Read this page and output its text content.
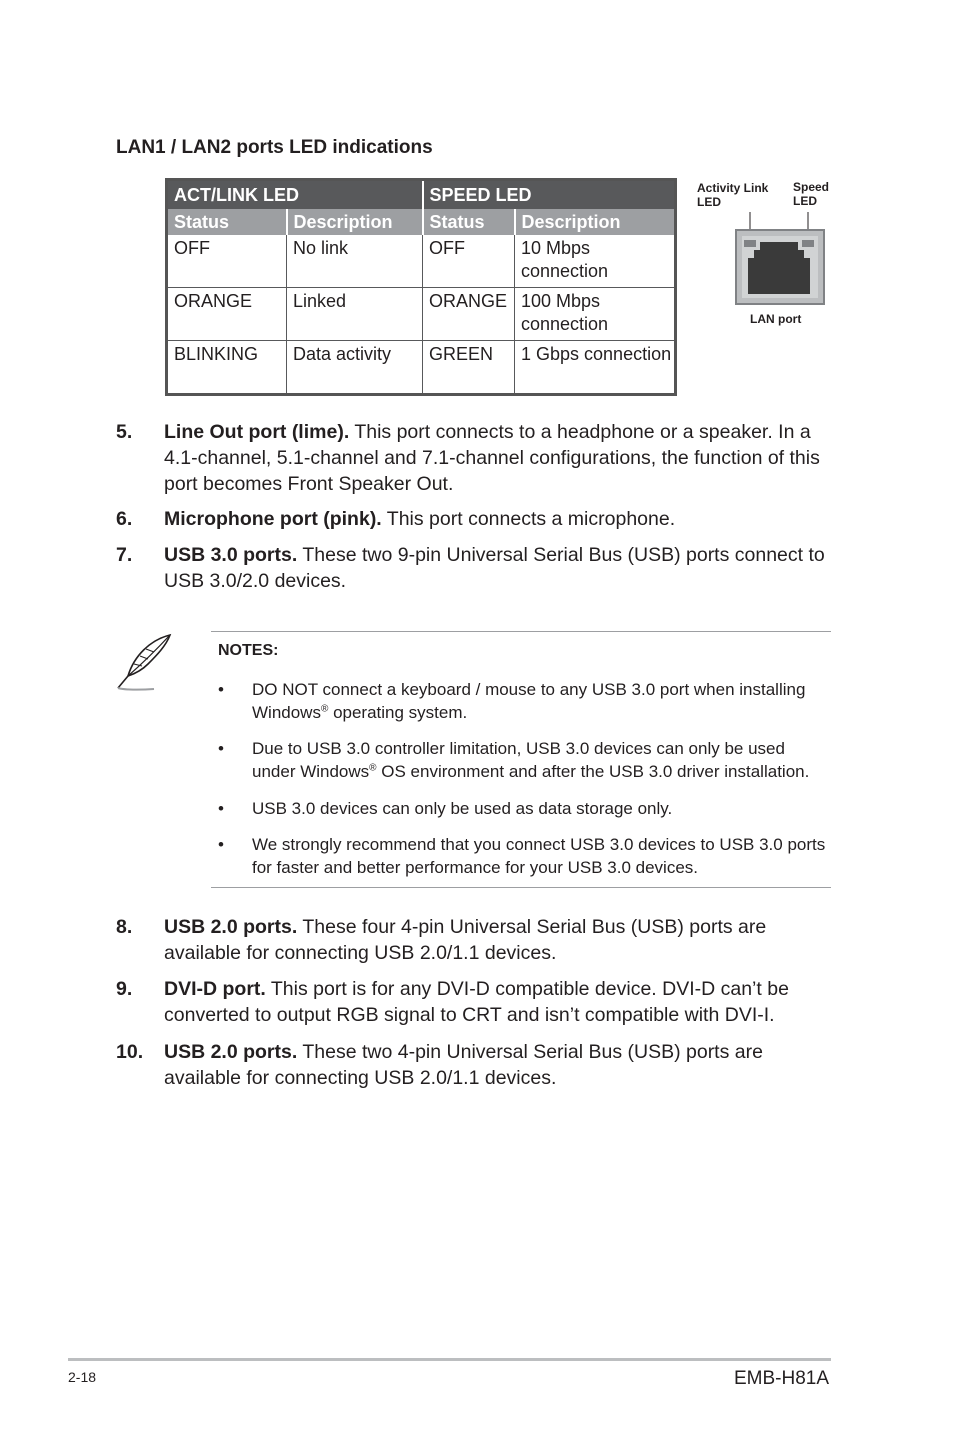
LAN1 / LAN2 ports LED indications
ACT/LINK LED		SPEED LED	
Status	Description	Status	Description
OFF	No link	OFF	10 Mbps connection
ORANGE	Linked	ORANGE	100 Mbps connection
BLINKING	Data activity	GREEN	1 Gbps connection
Activity Link
LED
Speed
LED
LAN port
5. Line Out port (lime). This port connects to a headphone or a speaker. In a 4.1-channel, 5.1-channel and 7.1-channel configurations, the function of this port becomes Front Speaker Out.
6. Microphone port (pink). This port connects a microphone.
7. USB 3.0 ports. These two 9-pin Universal Serial Bus (USB) ports connect to USB 3.0/2.0 devices.
NOTES:
• DO NOT connect a keyboard / mouse to any USB 3.0 port when installing Windows® operating system.
• Due to USB 3.0 controller limitation, USB 3.0 devices can only be used under Windows® OS environment and after the USB 3.0 driver installation.
• USB 3.0 devices can only be used as data storage only.
• We strongly recommend that you connect USB 3.0 devices to USB 3.0 ports for faster and better performance for your USB 3.0 devices.
8. USB 2.0 ports. These four 4-pin Universal Serial Bus (USB) ports are available for connecting USB 2.0/1.1 devices.
9. DVI-D port. This port is for any DVI-D compatible device. DVI-D can’t be converted to output RGB signal to CRT and isn’t compatible with DVI-I.
10. USB 2.0 ports. These two 4-pin Universal Serial Bus (USB) ports are available for connecting USB 2.0/1.1 devices.
2-18	EMB-H81A
